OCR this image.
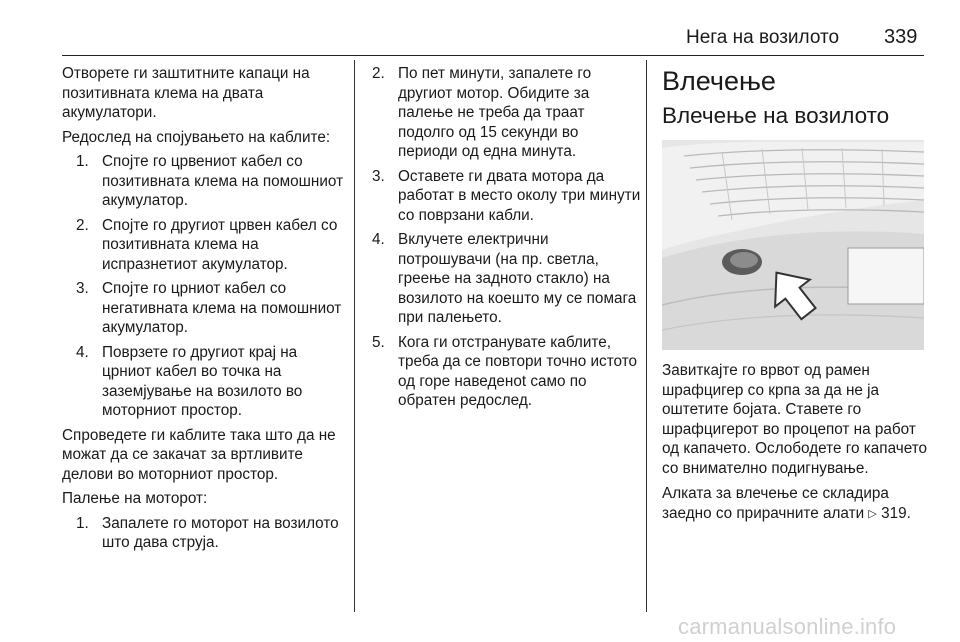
Нега на возилото 339

Отворете ги заштитните капаци на позитивната клема на двата акумулатори.

Редослед на спојувањето на каблите:

1. Спојте го црвениот кабел со позитивната клема на помошниот акумулатор.
2. Спојте го другиот црвен кабел со позитивната клема на испразнетиот акумулатор.
3. Спојте го црниот кабел со негативната клема на помошниот акумулатор.
4. Поврзете го другиот крај на црниот кабел во точка на заземјување на возилото во моторниот простор.

Спроведете ги каблите така што да не можат да се закачат за вртливите делови во моторниот простор.

Палење на моторот:

1. Запалете го моторот на возилото што дава струја.
2. По пет минути, запалете го другиот мотор. Обидите за палење не треба да траат подолго од 15 секунди во периоди од една минута.
3. Оставете ги двата мотора да работат в место околу три минути со поврзани кабли.
4. Вклучете електрични потрошувачи (на пр. светла, греење на задното стакло) на возилото на коешто му се помага при палењето.
5. Кога ги отстранувате каблите, треба да се повтори точно истото од горе наведеноt само по обратен редослед.
Влечење
Влечење на возилото

Завиткајте го врвот од рамен шрафцигер со крпа за да не ја оштетите бојата. Ставете го шрафцигерот во процепот на работ од капачето. Ослободете го капачето со внимателно подигнување.

Алката за влечење се складира заедно со прирачните алати ▷ 319.

carmanualsonline.info
